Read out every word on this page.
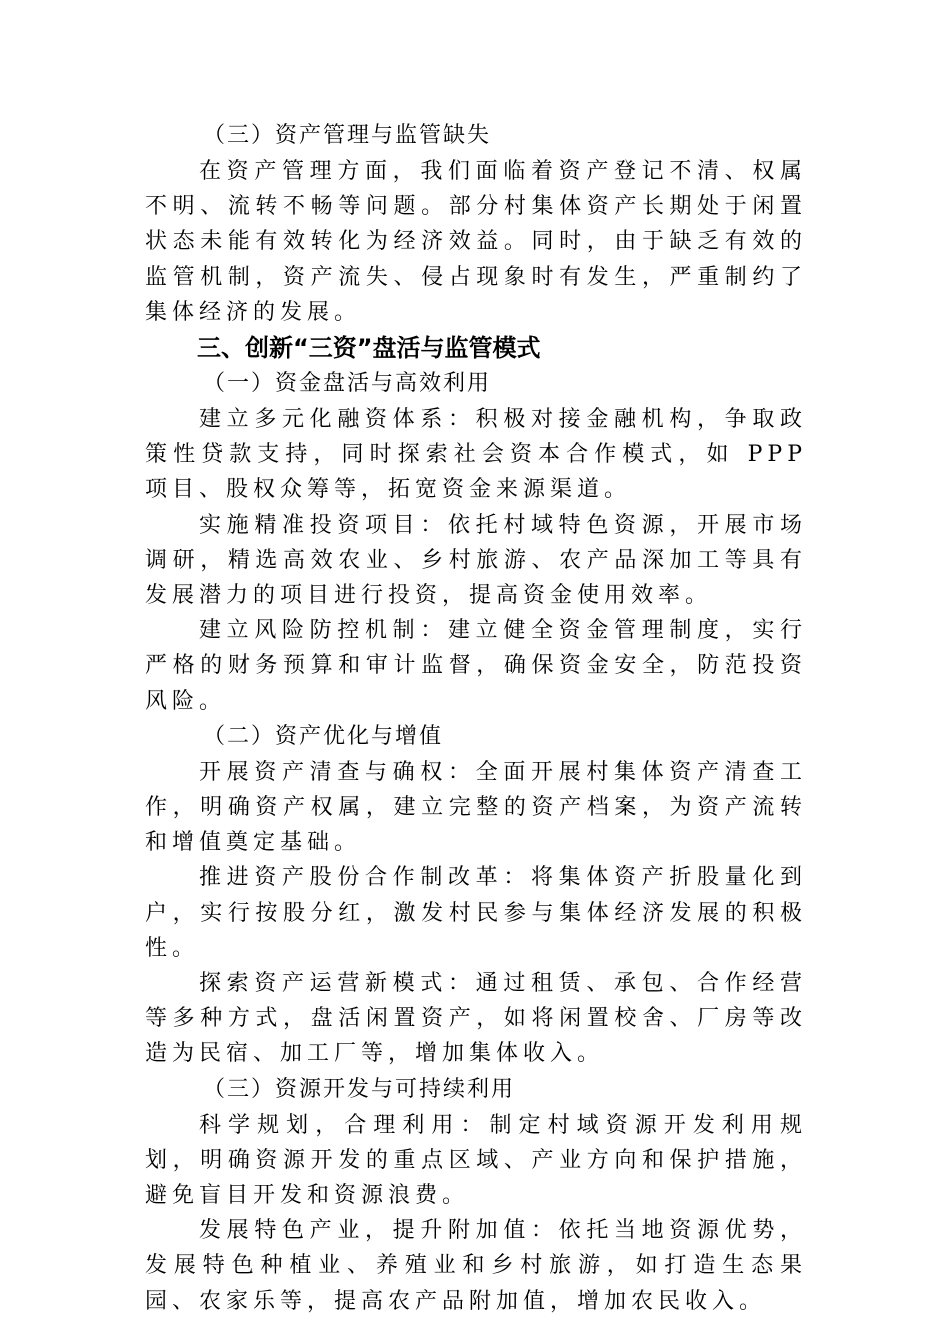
（三）资产管理与监管缺失

在资产管理方面，我们面临着资产登记不清、权属不明、流转不畅等问题。部分村集体资产长期处于闲置状态未能有效转化为经济效益。同时，由于缺乏有效的监管机制，资产流失、侵占现象时有发生，严重制约了集体经济的发展。

三、创新“三资”盘活与监管模式
（一）资金盘活与高效利用

建立多元化融资体系：积极对接金融机构，争取政策性贷款支持，同时探索社会资本合作模式，如 PPP 项目、股权众筹等，拓宽资金来源渠道。

实施精准投资项目：依托村域特色资源，开展市场调研，精选高效农业、乡村旅游、农产品深加工等具有发展潜力的项目进行投资，提高资金使用效率。

建立风险防控机制：建立健全资金管理制度，实行严格的财务预算和审计监督，确保资金安全，防范投资风险。

（二）资产优化与增值

开展资产清查与确权：全面开展村集体资产清查工作，明确资产权属，建立完整的资产档案，为资产流转和增值奠定基础。

推进资产股份合作制改革：将集体资产折股量化到户，实行按股分红，激发村民参与集体经济发展的积极性。

探索资产运营新模式：通过租赁、承包、合作经营等多种方式，盘活闲置资产，如将闲置校舍、厂房等改造为民宿、加工厂等，增加集体收入。

（三）资源开发与可持续利用

科学规划，合理利用：制定村域资源开发利用规划，明确资源开发的重点区域、产业方向和保护措施，避免盲目开发和资源浪费。

发展特色产业，提升附加值：依托当地资源优势，发展特色种植业、养殖业和乡村旅游，如打造生态果园、农家乐等，提高农产品附加值，增加农民收入。
